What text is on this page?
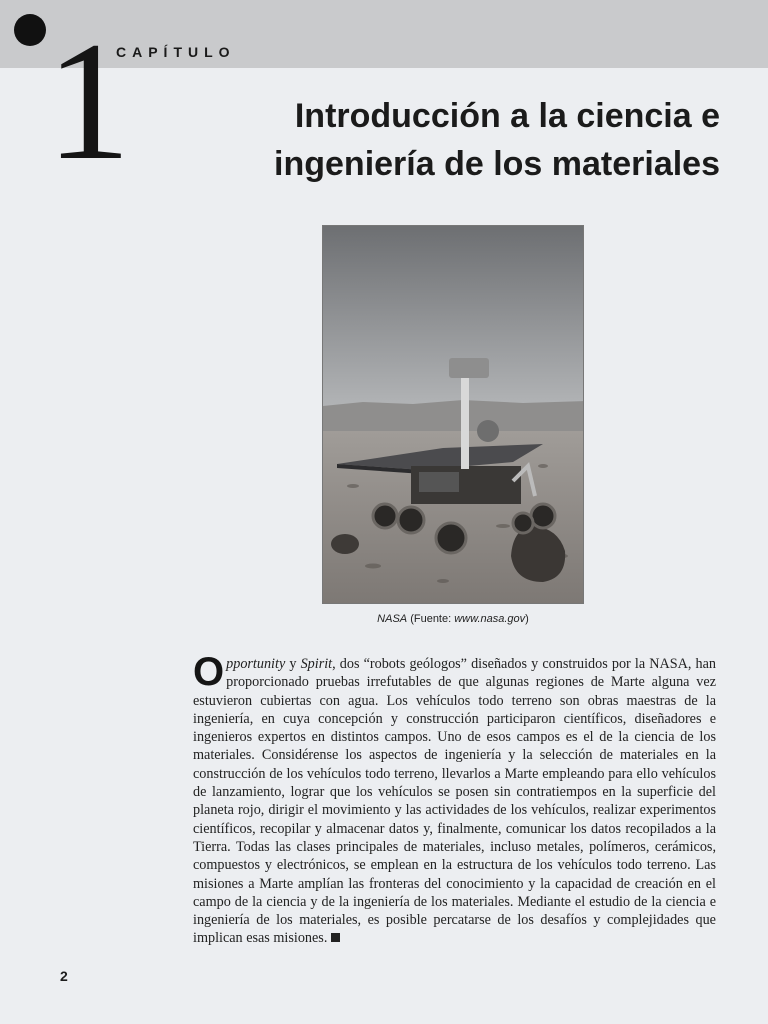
CAPÍTULO
1	Introducción a la ciencia e
ingeniería de los materiales
NASA (Fuente: www.nasa.gov)
Opportunity y Spirit, dos “robots geólogos” diseñados y construidos por la NASA, han proporcionado pruebas irrefutables de que algunas regiones de Marte alguna vez estuvieron cubiertas con agua. Los vehículos todo terreno son obras maestras de la ingeniería, en cuya concepción y construcción participaron científicos, diseñadores e ingenieros expertos en distintos campos. Uno de esos campos es el de la ciencia de los materiales. Considérense los aspectos de ingeniería y la selección de materiales en la construcción de los vehículos todo terreno, llevarlos a Marte empleando para ello vehículos de lanzamiento, lograr que los vehículos se posen sin contratiempos en la superficie del planeta rojo, dirigir el movimiento y las actividades de los vehículos, realizar experimentos científicos, recopilar y almacenar datos y, finalmente, comunicar los datos recopilados a la Tierra. Todas las clases principales de materiales, incluso metales, polímeros, cerámicos, compuestos y electrónicos, se emplean en la estructura de los vehículos todo terreno. Las misiones a Marte amplían las fronteras del conocimiento y la capacidad de creación en el campo de la ciencia y de la ingeniería de los materiales. Mediante el estudio de la ciencia e ingeniería de los materiales, es posible percatarse de los desafíos y complejidades que implican esas misiones.
2
